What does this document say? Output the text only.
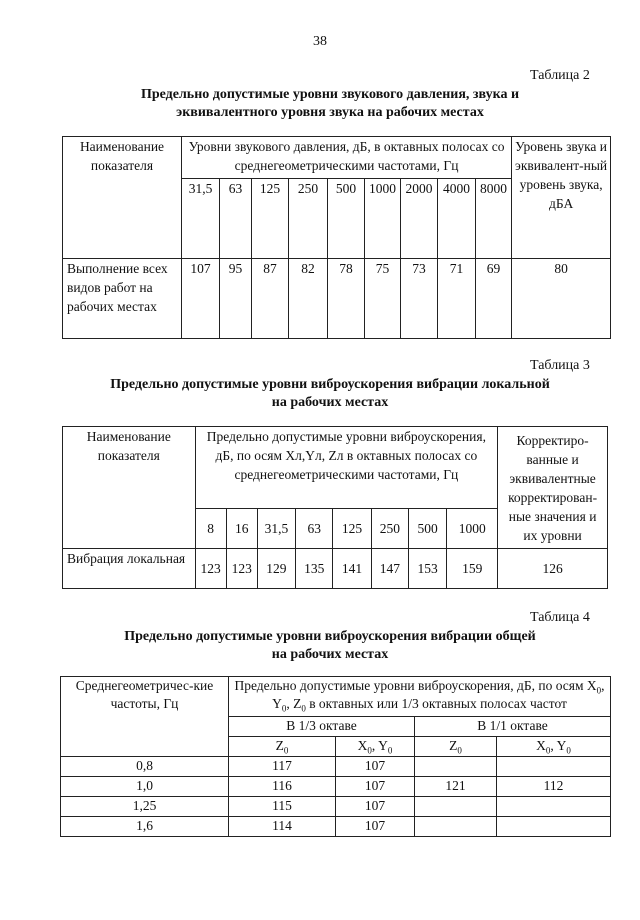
38
Таблица 2
Предельно допустимые уровни звукового давления, звука и
эквивалентного уровня звука на рабочих местах
Наименование показателя	Уровни звукового давления, дБ, в октавных полосах со среднегеометрическими частотами, Гц									Уровень звука и эквивалент-ный уровень звука, дБА
	31,5	63	125	250	500	1000	2000	4000	8000	
Выполнение всех видов работ на рабочих местах	107	95	87	82	78	75	73	71	69	80
Таблица 3
Предельно допустимые уровни виброускорения вибрации локальной
на рабочих местах
Наименование показателя	Предельно допустимые уровни виброускорения, дБ, по осям Xл,Yл, Zл в октавных полосах со среднегеометрическими частотами, Гц								Корректиро-ванные и эквивалентные корректирован-ные значения и их уровни
	8	16	31,5	63	125	250	500	1000	
Вибрация локальная	123	123	129	135	141	147	153	159	126
Таблица 4
Предельно допустимые уровни виброускорения вибрации общей
на рабочих местах
Среднегеометричес-кие частоты, Гц	Предельно допустимые уровни виброускорения, дБ, по осям $X_0$, $Y_0$, $Z_0$ в октавных или 1/3 октавных полосах частот			
	В 1/3 октаве		В 1/1 октаве	
	$Z_0$	$X_0$, $Y_0$	$Z_0$	$X_0$, $Y_0$
0,8	117	107		
1,0	116	107	121	112
1,25	115	107		
1,6	114	107		
